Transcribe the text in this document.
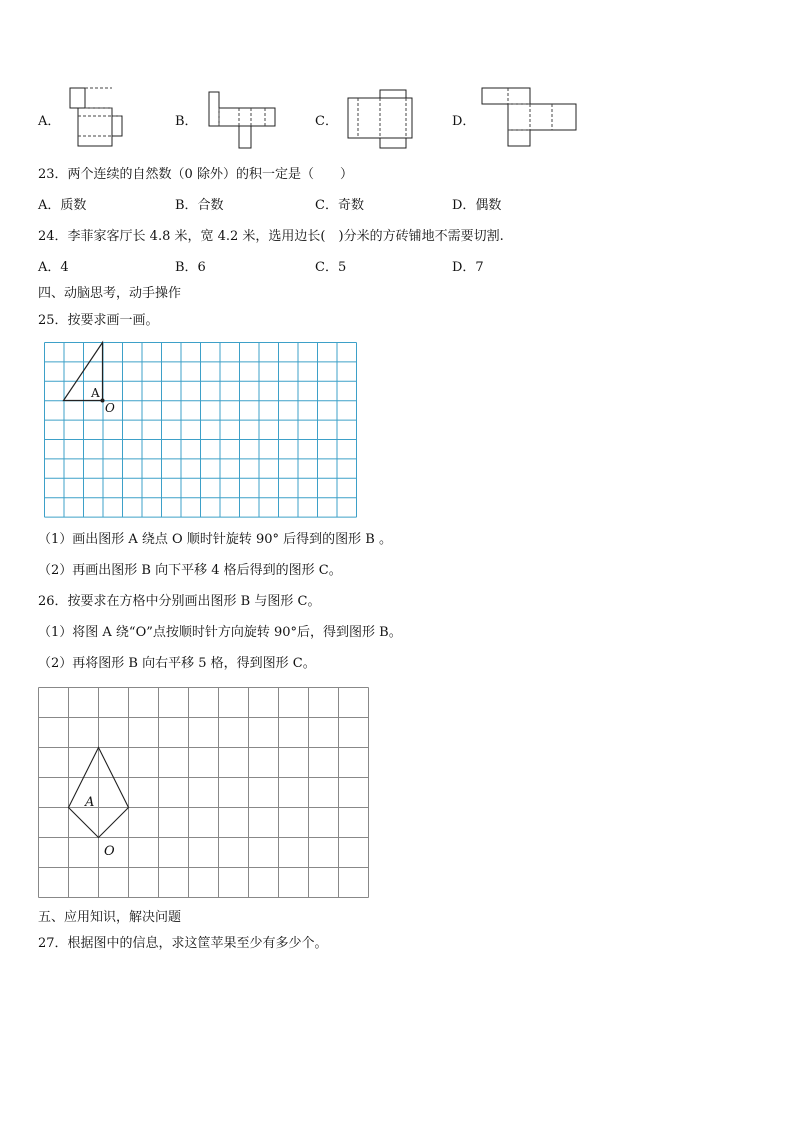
A．	B．	C．	D．
23．两个连续的自然数（0 除外）的积一定是（　　）
A．质数	B．合数	C．奇数	D．偶数
24．李菲家客厅长 4.8 米，宽 4.2 米，选用边长(　)分米的方砖铺地不需要切割.
A．4	B．6	C．5	D．7
四、动脑思考，动手操作
25．按要求画一画。
A
O
（1）画出图形 A 绕点 O 顺时针旋转 90° 后得到的图形 B 。
（2）再画出图形 B 向下平移 4 格后得到的图形 C。
26．按要求在方格中分别画出图形 B 与图形 C。
（1）将图 A 绕“O”点按顺时针方向旋转 90°后，得到图形 B。
（2）再将图形 B 向右平移 5 格，得到图形 C。
A
O
五、应用知识，解决问题
27．根据图中的信息，求这筐苹果至少有多少个。
